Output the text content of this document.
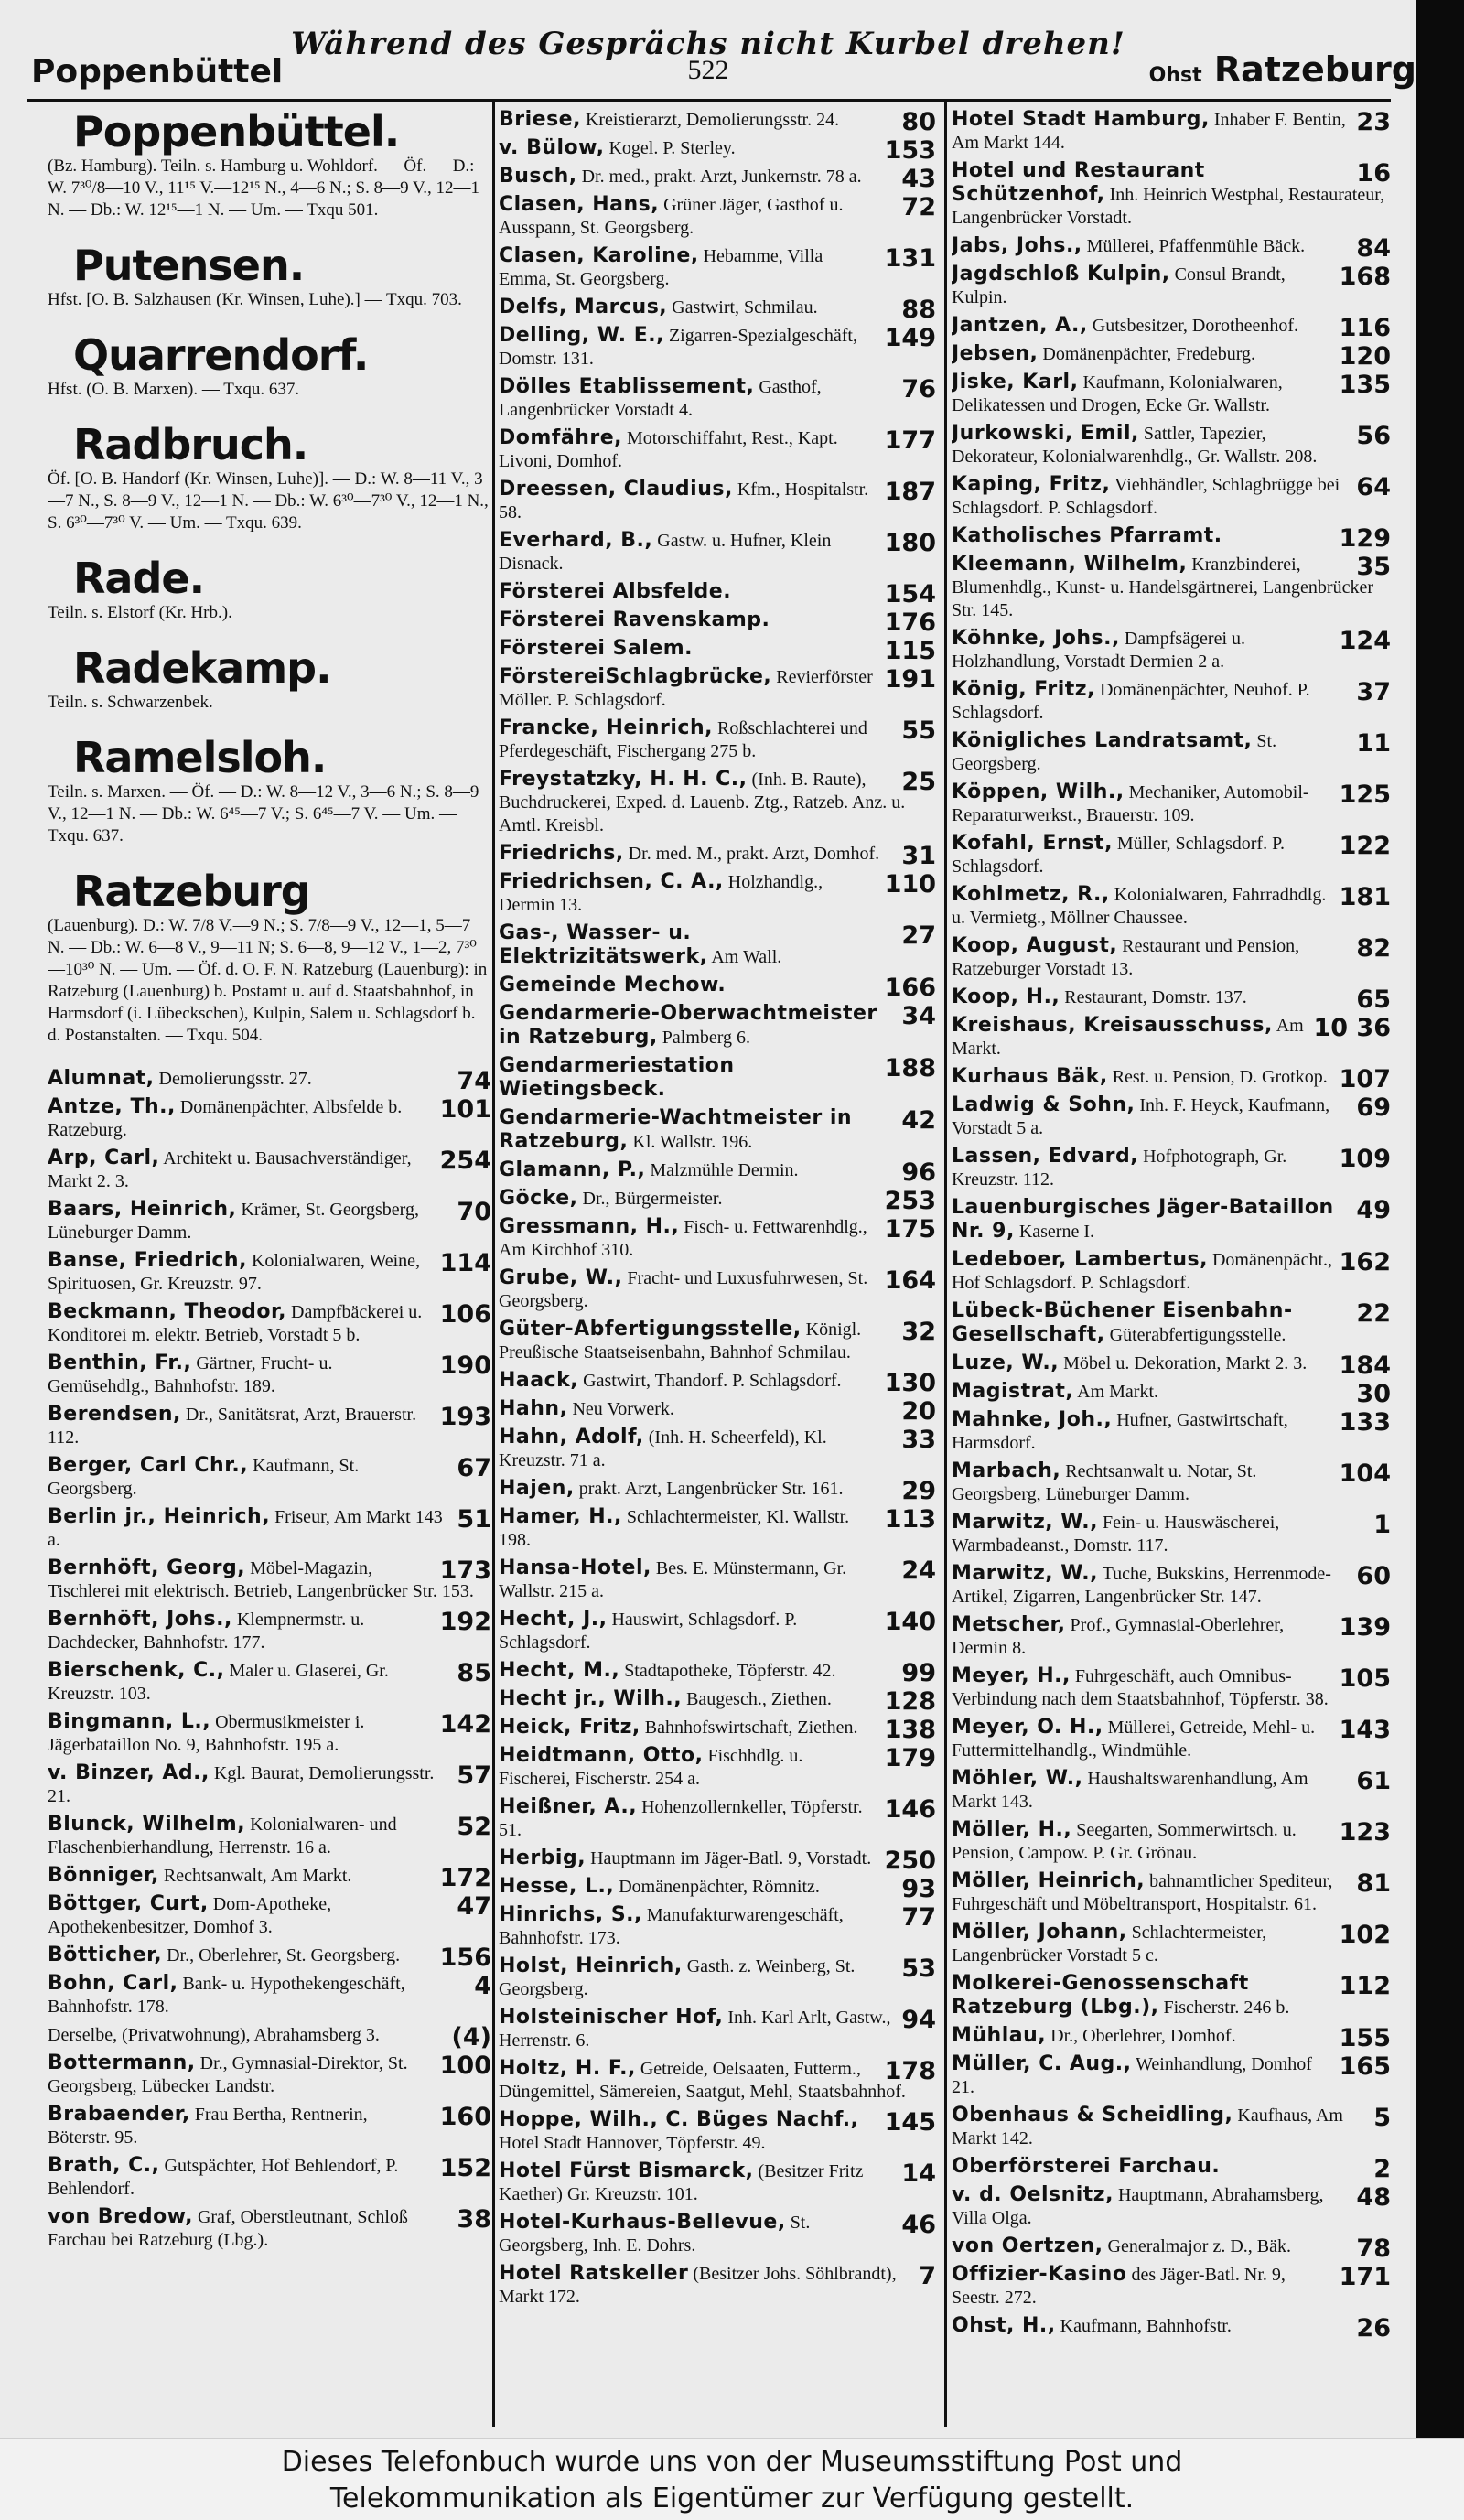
Während des Gesprächs nicht Kurbel drehen!
Poppenbüttel	522	Ohst Ratzeburg
Poppenbüttel.
(Bz. Hamburg). Teiln. s. Hamburg u. Wohldorf. — Öf. — D.: W. 7³⁰/8—10 V., 11¹⁵ V.—12¹⁵ N., 4—6 N.; S. 8—9 V., 12—1 N. — Db.: W. 12¹⁵—1 N. — Um. — Txqu 501.
Putensen.
Hfst. [O. B. Salzhausen (Kr. Winsen, Luhe).] — Txqu. 703.
Quarrendorf.
Hfst. (O. B. Marxen). — Txqu. 637.
Radbruch.
Öf. [O. B. Handorf (Kr. Winsen, Luhe)]. — D.: W. 8—11 V., 3—7 N., S. 8—9 V., 12—1 N. — Db.: W. 6³⁰—7³⁰ V., 12—1 N., S. 6³⁰—7³⁰ V. — Um. — Txqu. 639.
Rade.
Teiln. s. Elstorf (Kr. Hrb.).
Radekamp.
Teiln. s. Schwarzenbek.
Ramelsloh.
Teiln. s. Marxen. — Öf. — D.: W. 8—12 V., 3—6 N.; S. 8—9 V., 12—1 N. — Db.: W. 6⁴⁵—7 V.; S. 6⁴⁵—7 V. — Um. — Txqu. 637.
Ratzeburg
(Lauenburg). D.: W. 7/8 V.—9 N.; S. 7/8—9 V., 12—1, 5—7 N. — Db.: W. 6—8 V., 9—11 N; S. 6—8, 9—12 V., 1—2, 7³⁰—10³⁰ N. — Um. — Öf. d. O. F. N. Ratzeburg (Lauenburg): in Ratzeburg (Lauenburg) b. Postamt u. auf d. Staatsbahnhof, in Harmsdorf (i. Lübeckschen), Kulpin, Salem u. Schlagsdorf b. d. Postanstalten. — Txqu. 504.
74
Alumnat, Demolierungsstr. 27.
101
Antze, Th., Domänenpächter, Albsfelde b. Ratzeburg.
254
Arp, Carl, Architekt u. Bausachverständiger, Markt 2. 3.
70
Baars, Heinrich, Krämer, St. Georgsberg, Lüneburger Damm.
114
Banse, Friedrich, Kolonialwaren, Weine, Spirituosen, Gr. Kreuzstr. 97.
106
Beckmann, Theodor, Dampfbäckerei u. Konditorei m. elektr. Betrieb, Vorstadt 5 b.
190
Benthin, Fr., Gärtner, Frucht- u. Gemüsehdlg., Bahnhofstr. 189.
193
Berendsen, Dr., Sanitätsrat, Arzt, Brauerstr. 112.
67
Berger, Carl Chr., Kaufmann, St. Georgsberg.
51
Berlin jr., Heinrich, Friseur, Am Markt 143 a.
173
Bernhöft, Georg, Möbel-Magazin, Tischlerei mit elektrisch. Betrieb, Langenbrücker Str. 153.
192
Bernhöft, Johs., Klempnermstr. u. Dachdecker, Bahnhofstr. 177.
85
Bierschenk, C., Maler u. Glaserei, Gr. Kreuzstr. 103.
142
Bingmann, L., Obermusikmeister i. Jägerbataillon No. 9, Bahnhofstr. 195 a.
57
v. Binzer, Ad., Kgl. Baurat, Demolierungsstr. 21.
52
Blunck, Wilhelm, Kolonialwaren- und Flaschenbierhandlung, Herrenstr. 16 a.
172
Bönniger, Rechtsanwalt, Am Markt.
47
Böttger, Curt, Dom-Apotheke, Apothekenbesitzer, Domhof 3.
156
Bötticher, Dr., Oberlehrer, St. Georgsberg.
4
Bohn, Carl, Bank- u. Hypothekengeschäft, Bahnhofstr. 178.
(4)
Derselbe, (Privatwohnung), Abrahamsberg 3.
100
Bottermann, Dr., Gymnasial-Direktor, St. Georgsberg, Lübecker Landstr.
160
Brabaender, Frau Bertha, Rentnerin, Böterstr. 95.
152
Brath, C., Gutspächter, Hof Behlendorf, P. Behlendorf.
38
von Bredow, Graf, Oberstleutnant, Schloß Farchau bei Ratzeburg (Lbg.).
80
Briese, Kreistierarzt, Demolierungsstr. 24.
153
v. Bülow, Kogel. P. Sterley.
43
Busch, Dr. med., prakt. Arzt, Junkernstr. 78 a.
72
Clasen, Hans, Grüner Jäger, Gasthof u. Ausspann, St. Georgsberg.
131
Clasen, Karoline, Hebamme, Villa Emma, St. Georgsberg.
88
Delfs, Marcus, Gastwirt, Schmilau.
149
Delling, W. E., Zigarren-Spezialgeschäft, Domstr. 131.
76
Dölles Etablissement, Gasthof, Langenbrücker Vorstadt 4.
177
Domfähre, Motorschiffahrt, Rest., Kapt. Livoni, Domhof.
187
Dreessen, Claudius, Kfm., Hospitalstr. 58.
180
Everhard, B., Gastw. u. Hufner, Klein Disnack.
154
Försterei Albsfelde.
176
Försterei Ravenskamp.
115
Försterei Salem.
191
FörstereiSchlagbrücke, Revierförster Möller. P. Schlagsdorf.
55
Francke, Heinrich, Roßschlachterei und Pferdegeschäft, Fischergang 275 b.
25
Freystatzky, H. H. C., (Inh. B. Raute), Buchdruckerei, Exped. d. Lauenb. Ztg., Ratzeb. Anz. u. Amtl. Kreisbl.
31
Friedrichs, Dr. med. M., prakt. Arzt, Domhof.
110
Friedrichsen, C. A., Holzhandlg., Dermin 13.
27
Gas-, Wasser- u. Elektrizitätswerk, Am Wall.
166
Gemeinde Mechow.
34
Gendarmerie-Oberwachtmeister in Ratzeburg, Palmberg 6.
188
Gendarmeriestation Wietingsbeck.
42
Gendarmerie-Wachtmeister in Ratzeburg, Kl. Wallstr. 196.
96
Glamann, P., Malzmühle Dermin.
253
Göcke, Dr., Bürgermeister.
175
Gressmann, H., Fisch- u. Fettwarenhdlg., Am Kirchhof 310.
164
Grube, W., Fracht- und Luxusfuhrwesen, St. Georgsberg.
32
Güter-Abfertigungsstelle, Königl. Preußische Staatseisenbahn, Bahnhof Schmilau.
130
Haack, Gastwirt, Thandorf. P. Schlagsdorf.
20
Hahn, Neu Vorwerk.
33
Hahn, Adolf, (Inh. H. Scheerfeld), Kl. Kreuzstr. 71 a.
29
Hajen, prakt. Arzt, Langenbrücker Str. 161.
113
Hamer, H., Schlachtermeister, Kl. Wallstr. 198.
24
Hansa-Hotel, Bes. E. Münstermann, Gr. Wallstr. 215 a.
140
Hecht, J., Hauswirt, Schlagsdorf. P. Schlagsdorf.
99
Hecht, M., Stadtapotheke, Töpferstr. 42.
128
Hecht jr., Wilh., Baugesch., Ziethen.
138
Heick, Fritz, Bahnhofswirtschaft, Ziethen.
179
Heidtmann, Otto, Fischhdlg. u. Fischerei, Fischerstr. 254 a.
146
Heißner, A., Hohenzollernkeller, Töpferstr. 51.
250
Herbig, Hauptmann im Jäger-Batl. 9, Vorstadt.
93
Hesse, L., Domänenpächter, Römnitz.
77
Hinrichs, S., Manufakturwarengeschäft, Bahnhofstr. 173.
53
Holst, Heinrich, Gasth. z. Weinberg, St. Georgsberg.
94
Holsteinischer Hof, Inh. Karl Arlt, Gastw., Herrenstr. 6.
178
Holtz, H. F., Getreide, Oelsaaten, Futterm., Düngemittel, Sämereien, Saatgut, Mehl, Staatsbahnhof.
145
Hoppe, Wilh., C. Büges Nachf., Hotel Stadt Hannover, Töpferstr. 49.
14
Hotel Fürst Bismarck, (Besitzer Fritz Kaether) Gr. Kreuzstr. 101.
46
Hotel-Kurhaus-Bellevue, St. Georgsberg, Inh. E. Dohrs.
7
Hotel Ratskeller (Besitzer Johs. Söhlbrandt), Markt 172.
23
Hotel Stadt Hamburg, Inhaber F. Bentin, Am Markt 144.
16
Hotel und Restaurant Schützenhof, Inh. Heinrich Westphal, Restaurateur, Langenbrücker Vorstadt.
84
Jabs, Johs., Müllerei, Pfaffenmühle Bäck.
168
Jagdschloß Kulpin, Consul Brandt, Kulpin.
116
Jantzen, A., Gutsbesitzer, Dorotheenhof.
120
Jebsen, Domänenpächter, Fredeburg.
135
Jiske, Karl, Kaufmann, Kolonialwaren, Delikatessen und Drogen, Ecke Gr. Wallstr.
56
Jurkowski, Emil, Sattler, Tapezier, Dekorateur, Kolonialwarenhdlg., Gr. Wallstr. 208.
64
Kaping, Fritz, Viehhändler, Schlagbrügge bei Schlagsdorf. P. Schlagsdorf.
129
Katholisches Pfarramt.
35
Kleemann, Wilhelm, Kranzbinderei, Blumenhdlg., Kunst- u. Handelsgärtnerei, Langenbrücker Str. 145.
124
Köhnke, Johs., Dampfsägerei u. Holzhandlung, Vorstadt Dermien 2 a.
37
König, Fritz, Domänenpächter, Neuhof. P. Schlagsdorf.
11
Königliches Landratsamt, St. Georgsberg.
125
Köppen, Wilh., Mechaniker, Automobil-Reparaturwerkst., Brauerstr. 109.
122
Kofahl, Ernst, Müller, Schlagsdorf. P. Schlagsdorf.
181
Kohlmetz, R., Kolonialwaren, Fahrradhdlg. u. Vermietg., Möllner Chaussee.
82
Koop, August, Restaurant und Pension, Ratzeburger Vorstadt 13.
65
Koop, H., Restaurant, Domstr. 137.
10 36
Kreishaus, Kreisausschuss, Am Markt.
107
Kurhaus Bäk, Rest. u. Pension, D. Grotkop.
69
Ladwig & Sohn, Inh. F. Heyck, Kaufmann, Vorstadt 5 a.
109
Lassen, Edvard, Hofphotograph, Gr. Kreuzstr. 112.
49
Lauenburgisches Jäger-Bataillon Nr. 9, Kaserne I.
162
Ledeboer, Lambertus, Domänenpächt., Hof Schlagsdorf. P. Schlagsdorf.
22
Lübeck-Büchener Eisenbahn-Gesellschaft, Güterabfertigungsstelle.
184
Luze, W., Möbel u. Dekoration, Markt 2. 3.
30
Magistrat, Am Markt.
133
Mahnke, Joh., Hufner, Gastwirtschaft, Harmsdorf.
104
Marbach, Rechtsanwalt u. Notar, St. Georgsberg, Lüneburger Damm.
1
Marwitz, W., Fein- u. Hauswäscherei, Warmbadeanst., Domstr. 117.
60
Marwitz, W., Tuche, Bukskins, Herrenmode-Artikel, Zigarren, Langenbrücker Str. 147.
139
Metscher, Prof., Gymnasial-Oberlehrer, Dermin 8.
105
Meyer, H., Fuhrgeschäft, auch Omnibus-Verbindung nach dem Staatsbahnhof, Töpferstr. 38.
143
Meyer, O. H., Müllerei, Getreide, Mehl- u. Futtermittelhandlg., Windmühle.
61
Möhler, W., Haushaltswarenhandlung, Am Markt 143.
123
Möller, H., Seegarten, Sommerwirtsch. u. Pension, Campow. P. Gr. Grönau.
81
Möller, Heinrich, bahnamtlicher Spediteur, Fuhrgeschäft und Möbeltransport, Hospitalstr. 61.
102
Möller, Johann, Schlachtermeister, Langenbrücker Vorstadt 5 c.
112
Molkerei-Genossenschaft Ratzeburg (Lbg.), Fischerstr. 246 b.
155
Mühlau, Dr., Oberlehrer, Domhof.
165
Müller, C. Aug., Weinhandlung, Domhof 21.
5
Obenhaus & Scheidling, Kaufhaus, Am Markt 142.
2
Oberförsterei Farchau.
48
v. d. Oelsnitz, Hauptmann, Abrahamsberg, Villa Olga.
78
von Oertzen, Generalmajor z. D., Bäk.
171
Offizier-Kasino des Jäger-Batl. Nr. 9, Seestr. 272.
26
Ohst, H., Kaufmann, Bahnhofstr.
Dieses Telefonbuch wurde uns von der Museumsstiftung Post und
Telekommunikation als Eigentümer zur Verfügung gestellt.
